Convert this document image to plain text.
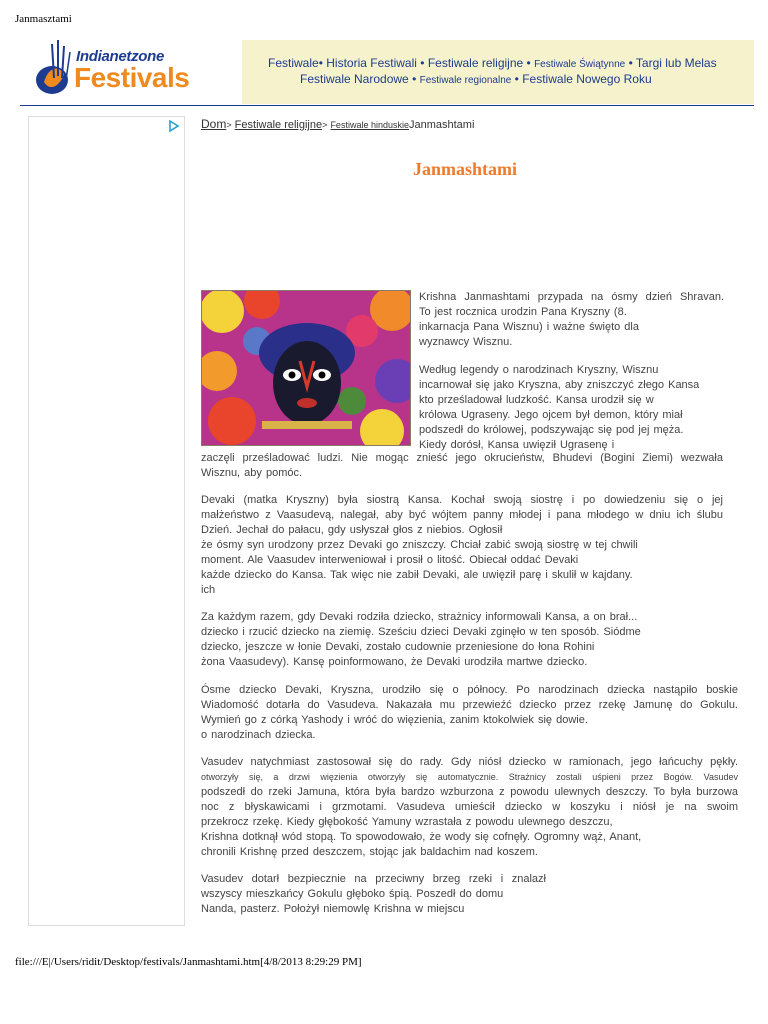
Janmasztami
Indianetzone
Festivals	Festiwale• Historia Festiwali • Festiwale religijne • Festiwale Świątynne • Targi lub Melas
Festiwale Narodowe • Festiwale regionalne • Festiwale Nowego Roku
Dom> Festiwale religijne> Festiwale hinduskieJanmashtami
Janmashtami
Krishna Janmashtami przypada na ósmy dzień Shravan.
To jest rocznica urodzin Pana Kryszny (8.
inkarnacja Pana Wisznu) i ważne święto dla
wyznawcy Wisznu.
Według legendy o narodzinach Kryszny, Wisznu
incarnował się jako Kryszna, aby zniszczyć złego Kansa
kto prześladował ludzkość. Kansa urodził się w
królowa Ugraseny. Jego ojcem był demon, który miał
podszedł do królowej, podszywając się pod jej męża.
Kiedy dorósł, Kansa uwięził Ugrasenę i
zaczęli prześladować ludzi. Nie mogąc znieść jego okrucieństw, Bhudevi (Bogini Ziemi) wezwała
Wisznu, aby pomóc.
Devaki (matka Kryszny) była siostrą Kansa. Kochał swoją siostrę i po dowiedzeniu się o jej
małżeństwo z Vaasudevą, nalegał, aby być wójtem panny młodej i pana młodego w dniu ich ślubu
Dzień. Jechał do pałacu, gdy usłyszał głos z niebios. Ogłosił
że ósmy syn urodzony przez Devaki go zniszczy. Chciał zabić swoją siostrę w tej chwili
moment. Ale Vaasudev interweniował i prosił o litość. Obiecał oddać Devaki
każde dziecko do Kansa. Tak więc nie zabił Devaki, ale uwięził parę i skulił w kajdany.
ich
Za każdym razem, gdy Devaki rodziła dziecko, strażnicy informowali Kansa, a on brał...
dziecko i rzucić dziecko na ziemię. Sześciu dzieci Devaki zginęło w ten sposób. Siódme
dziecko, jeszcze w łonie Devaki, zostało cudownie przeniesione do łona Rohini
żona Vaasudevy). Kansę poinformowano, że Devaki urodziła martwe dziecko.
Ósme dziecko Devaki, Kryszna, urodziło się o północy. Po narodzinach dziecka nastąpiło boskie
Wiadomość dotarła do Vasudeva. Nakazała mu przewieźć dziecko przez rzekę Jamunę do Gokulu.
Wymień go z córką Yashody i wróć do więzienia, zanim ktokolwiek się dowie.
o narodzinach dziecka.
Vasudev natychmiast zastosował się do rady. Gdy niósł dziecko w ramionach, jego łańcuchy pękły.
otworzyły się, a drzwi więzienia otworzyły się automatycznie. Strażnicy zostali uśpieni przez Bogów. Vasudev
podszedł do rzeki Jamuna, która była bardzo wzburzona z powodu ulewnych deszczy. To była burzowa
noc z błyskawicami i grzmotami. Vasudeva umieścił dziecko w koszyku i niósł je na swoim
przekrocz rzekę. Kiedy głębokość Yamuny wzrastała z powodu ulewnego deszczu,
Krishna dotknął wód stopą. To spowodowało, że wody się cofnęły. Ogromny wąż, Anant,
chronili Krishnę przed deszczem, stojąc jak baldachim nad koszem.
Vasudev dotarł bezpiecznie na przeciwny brzeg rzeki i znalazł
wszyscy mieszkańcy Gokulu głęboko śpią. Poszedł do domu
Nanda, pasterz. Położył niemowlę Krishna w miejscu
file:///E|/Users/ridit/Desktop/festivals/Janmashtami.htm[4/8/2013 8:29:29 PM]
